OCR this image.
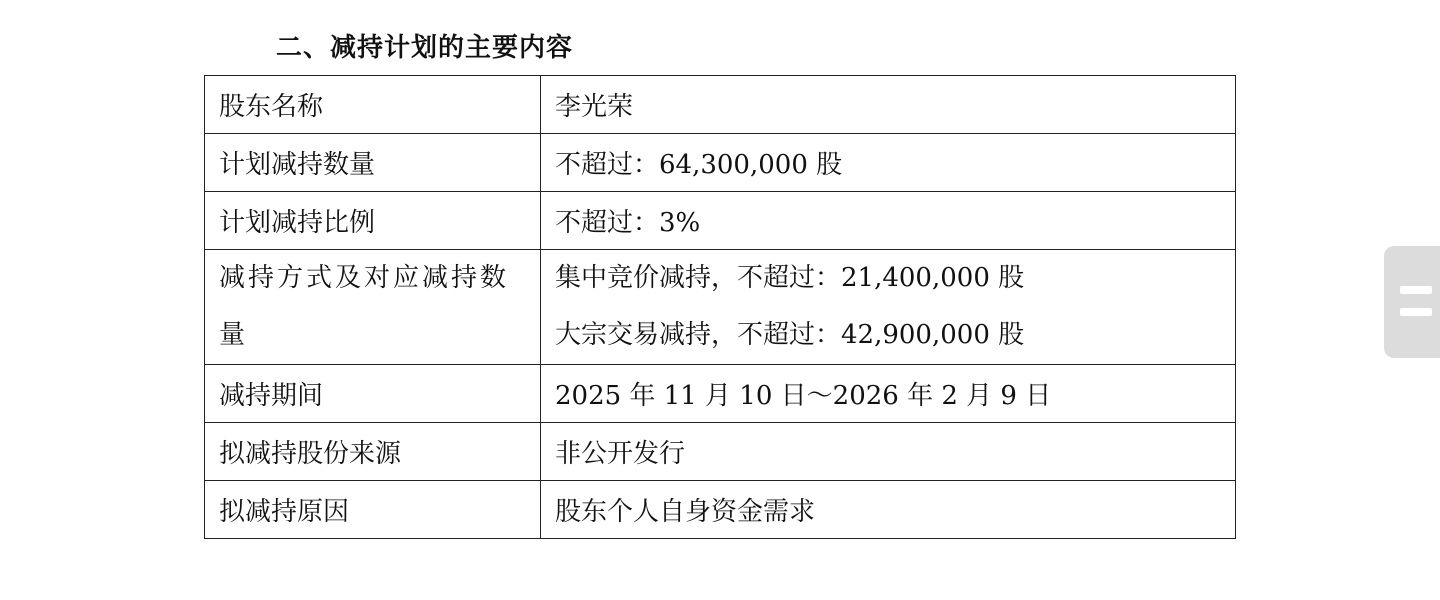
二、减持计划的主要内容
股东名称	李光荣
计划减持数量	不超过：64,300,000 股
计划减持比例	不超过：3%

减持方式及对应减持数量	集中竞价减持，不超过：21,400,000 股
大宗交易减持，不超过：42,900,000 股

减持期间	2025 年 11 月 10 日～2026 年 2 月 9 日
拟减持股份来源	非公开发行
拟减持原因	股东个人自身资金需求
